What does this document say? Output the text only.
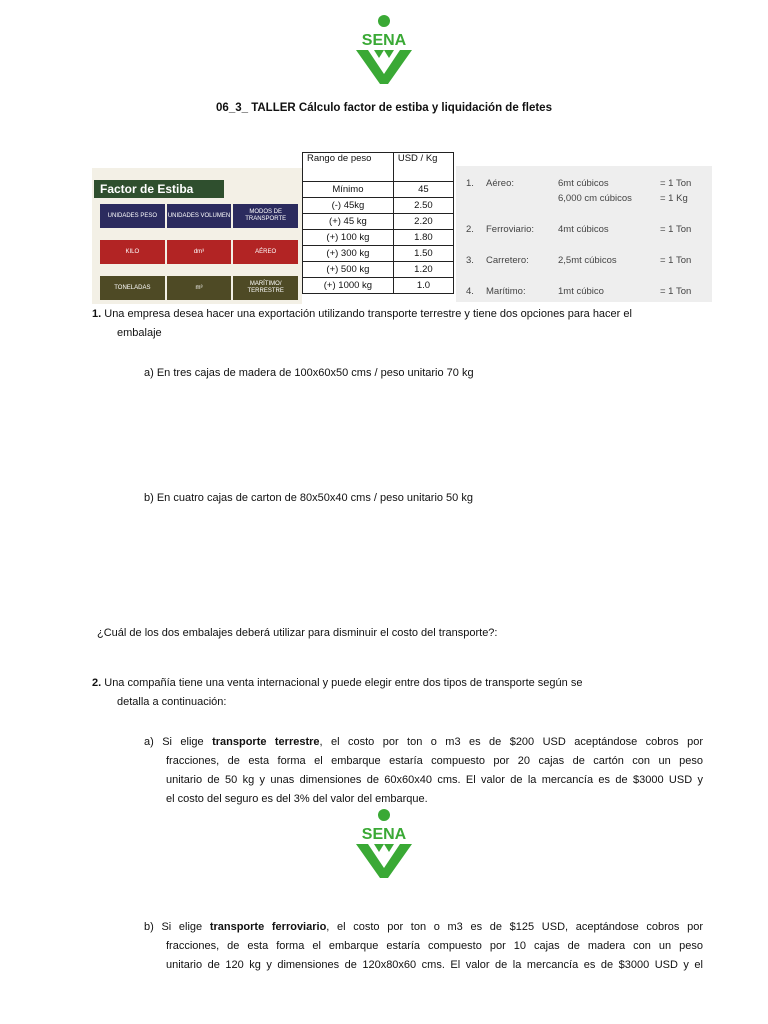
SENA
06_3_ TALLER Cálculo factor de estiba y liquidación de fletes
Factor de Estiba
UNIDADES PESO	UNIDADES VOLUMEN
MODOS DE TRANSPORTE
KILO	dm³	AÉREO
TONELADAS	m³
MARÍTIMO/ TERRESTRE
Rango de peso	USD / Kg
Mínimo	45
(-) 45kg	2.50
(+) 45 kg	2.20
(+) 100 kg	1.80
(+) 300 kg	1.50
(+) 500 kg	1.20
(+) 1000 kg	1.0
1. Aéreo:	6mt cúbicos	= 1 Ton
6,000 cm cúbicos	= 1 Kg
2. Ferroviario:	4mt cúbicos	= 1 Ton
3. Carretero:	2,5mt cúbicos	= 1 Ton
4. Marítimo:	1mt cúbico	= 1 Ton
1. Una empresa desea hacer una exportación utilizando transporte terrestre y tiene dos opciones para hacer el
embalaje
a) En tres cajas de madera de 100x60x50 cms / peso unitario 70 kg
b) En cuatro cajas de carton de 80x50x40 cms / peso unitario 50 kg
¿Cuál de los dos embalajes deberá utilizar para disminuir el costo del transporte?:
2. Una compañía tiene una venta internacional y puede elegir entre dos tipos de transporte según se
detalla a continuación:
a) Si elige transporte terrestre, el costo por ton o m3 es de $200 USD aceptándose cobros por
fracciones, de esta forma el embarque estaría compuesto por 20 cajas de cartón con un peso
unitario de 50 kg y unas dimensiones de 60x60x40 cms. El valor de la mercancía es de $3000 USD y
el costo del seguro es del 3% del valor del embarque.
SENA
b) Si elige transporte ferroviario, el costo por ton o m3 es de $125 USD, aceptándose cobros por
fracciones, de esta forma el embarque estaría compuesto por 10 cajas de madera con un peso
unitario de 120 kg y dimensiones de 120x80x60 cms. El valor de la mercancía es de $3000 USD y el
